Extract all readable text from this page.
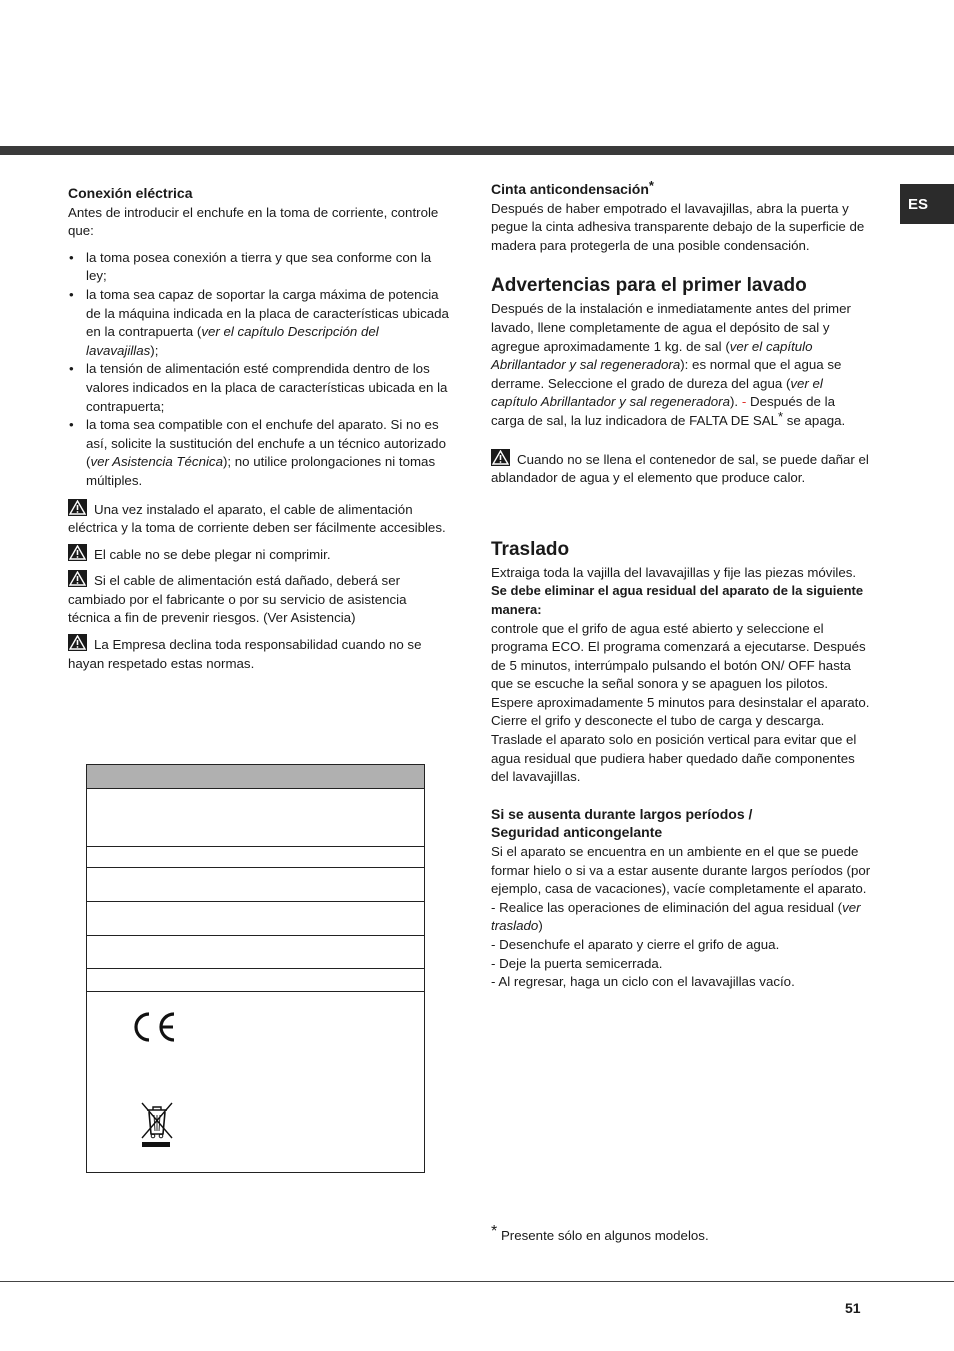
ES

Conexión eléctrica

Antes de introducir el enchufe en la toma de corriente, controle que:

• la toma posea conexión a tierra y que sea conforme con la ley;
• la toma sea capaz de soportar la carga máxima de potencia de la máquina indicada en la placa de características ubicada en la contrapuerta (ver el capítulo Descripción del lavavajillas);
• la tensión de alimentación esté comprendida dentro de los valores indicados en la placa de características ubicada en la contrapuerta;
• la toma sea compatible con el enchufe del aparato. Si no es así, solicite la sustitución del enchufe a un técnico autorizado (ver Asistencia Técnica); no utilice prolongaciones ni tomas múltiples.

Una vez instalado el aparato, el cable de alimentación eléctrica y la toma de corriente deben ser fácilmente accesibles.

El cable no se debe plegar ni comprimir.

Si el cable de alimentación está dañado, deberá ser cambiado por el fabricante o por su servicio de asistencia técnica a fin de prevenir riesgos. (Ver Asistencia)

La Empresa declina toda responsabilidad cuando no se hayan respetado estas normas.

Cinta anticondensación*

Después de haber empotrado el lavavajillas, abra la puerta y pegue la cinta adhesiva transparente debajo de la superficie de madera para protegerla de una posible condensación.

Advertencias para el primer lavado

Después de la instalación e inmediatamente antes del primer lavado, llene completamente de agua el depósito de sal y agregue aproximadamente 1 kg. de sal (ver el capítulo Abrillantador y sal regeneradora): es normal que el agua se derrame. Seleccione el grado de dureza del agua (ver el capítulo Abrillantador y sal regeneradora). - Después de la carga de sal, la luz indicadora de FALTA DE SAL* se apaga.

Cuando no se llena el contenedor de sal, se puede dañar el ablandador de agua y el elemento que produce calor.

Traslado

Extraiga toda la vajilla del lavavajillas y fije las piezas móviles.

Se debe eliminar el agua residual del aparato de la siguiente manera:

controle que el grifo de agua esté abierto y seleccione el programa ECO. El programa comenzará a ejecutarse. Después de 5 minutos, interrúmpalo pulsando el botón ON/ OFF hasta que se escuche la señal sonora y se apaguen los pilotos. Espere aproximadamente 5 minutos para desinstalar el aparato. Cierre el grifo y desconecte el tubo de carga y descarga.

Traslade el aparato solo en posición vertical para evitar que el agua residual que pudiera haber quedado dañe componentes del lavavajillas.

Si se ausenta durante largos períodos / Seguridad anticongelante

Si el aparato se encuentra en un ambiente en el que se puede formar hielo o si va a estar ausente durante largos períodos (por ejemplo, casa de vacaciones), vacíe completamente el aparato.

- Realice las operaciones de eliminación del agua residual (ver traslado)

- Desenchufe el aparato y cierre el grifo de agua.

- Deje la puerta semicerrada.

- Al regresar, haga un ciclo con el lavavajillas vacío.

* Presente sólo en algunos modelos.
51
